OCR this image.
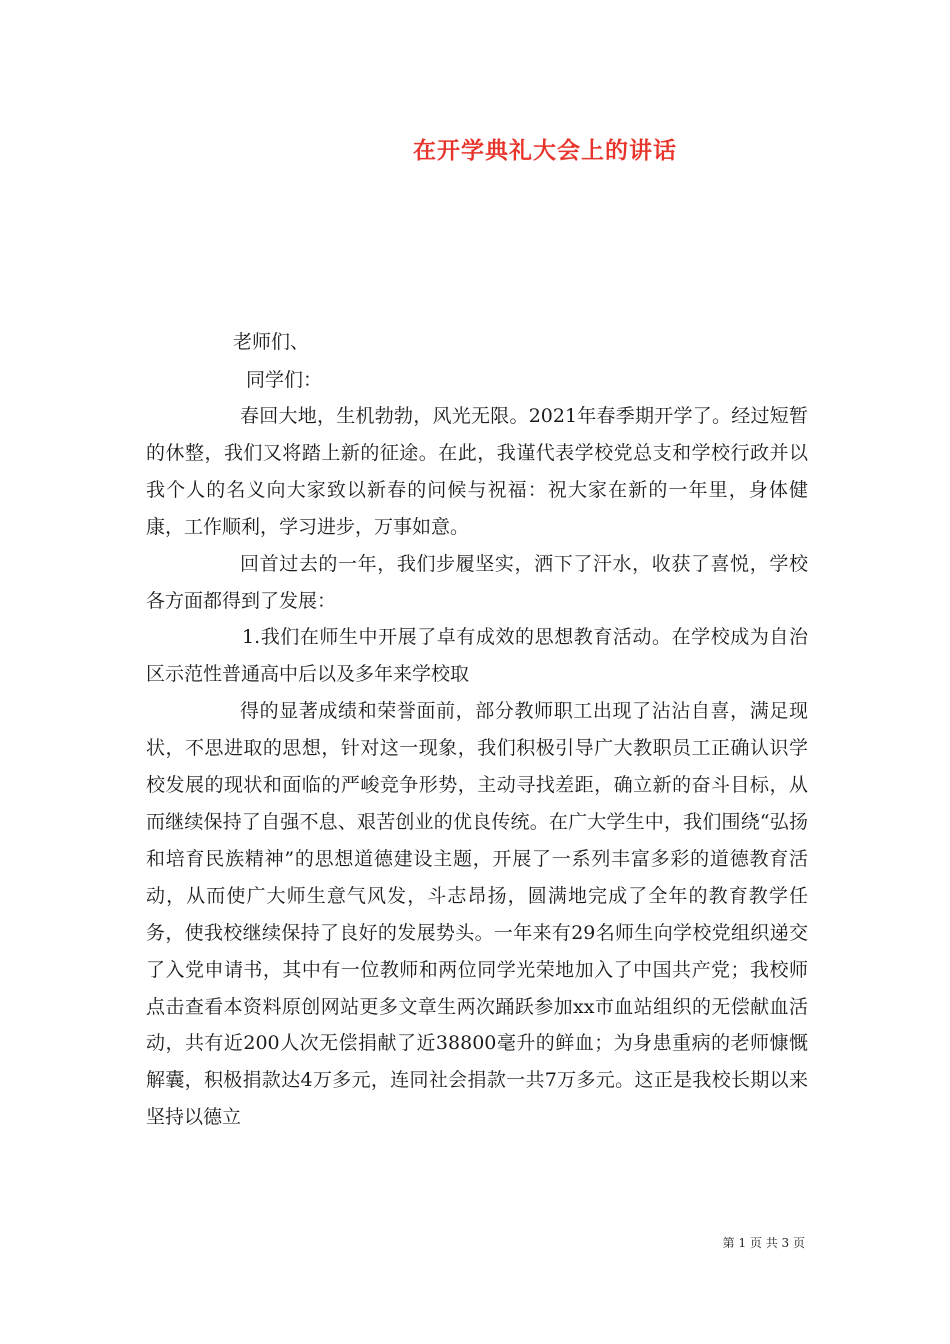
在开学典礼大会上的讲话
老师们、
同学们：

春回大地，生机勃勃，风光无限。2021年春季期开学了。经过短暂的休整，我们又将踏上新的征途。在此，我谨代表学校党总支和学校行政并以我个人的名义向大家致以新春的问候与祝福：祝大家在新的一年里，身体健康，工作顺利，学习进步，万事如意。

回首过去的一年，我们步履坚实，洒下了汗水，收获了喜悦，学校各方面都得到了发展：

1.我们在师生中开展了卓有成效的思想教育活动。在学校成为自治区示范性普通高中后以及多年来学校取

得的显著成绩和荣誉面前，部分教师职工出现了沾沾自喜，满足现状，不思进取的思想，针对这一现象，我们积极引导广大教职员工正确认识学校发展的现状和面临的严峻竞争形势，主动寻找差距，确立新的奋斗目标，从而继续保持了自强不息、艰苦创业的优良传统。在广大学生中，我们围绕“弘扬和培育民族精神”的思想道德建设主题，开展了一系列丰富多彩的道德教育活动，从而使广大师生意气风发，斗志昂扬，圆满地完成了全年的教育教学任务，使我校继续保持了良好的发展势头。一年来有29名师生向学校党组织递交了入党申请书，其中有一位教师和两位同学光荣地加入了中国共产党；我校师点击查看本资料原创网站更多文章生两次踊跃参加xx市血站组织的无偿献血活动，共有近200人次无偿捐献了近38800毫升的鲜血；为身患重病的老师慷慨解囊，积极捐款达4万多元，连同社会捐款一共7万多元。这正是我校长期以来坚持以德立

第 1 页 共 3 页
